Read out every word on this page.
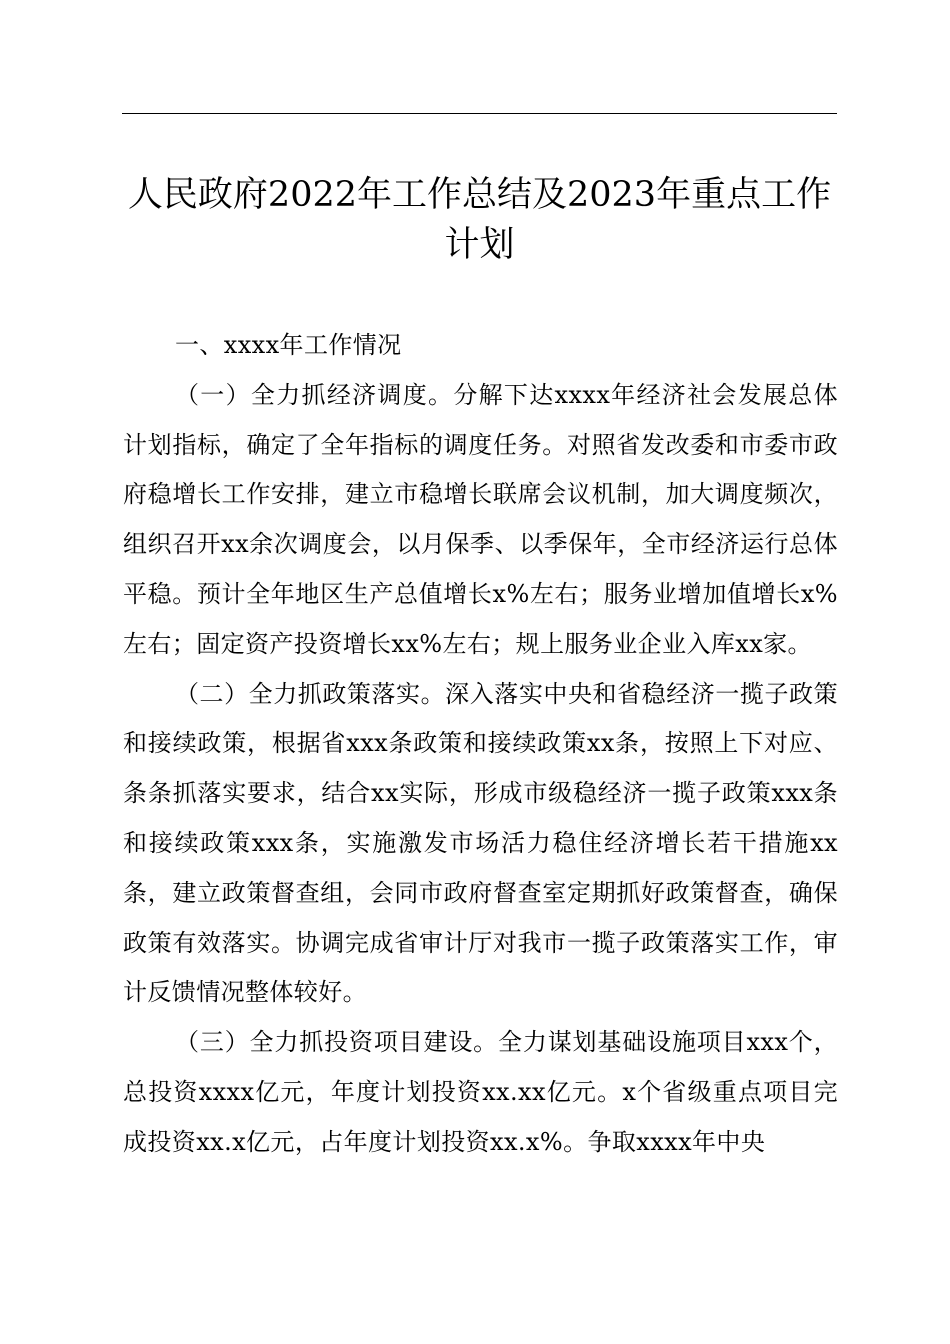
人民政府2022年工作总结及2023年重点工作计划

一、xxxx年工作情况

（一）全力抓经济调度。分解下达xxxx年经济社会发展总体计划指标，确定了全年指标的调度任务。对照省发改委和市委市政府稳增长工作安排，建立市稳增长联席会议机制，加大调度频次，组织召开xx余次调度会，以月保季、以季保年，全市经济运行总体平稳。预计全年地区生产总值增长x%左右；服务业增加值增长x%左右；固定资产投资增长xx%左右；规上服务业企业入库xx家。

（二）全力抓政策落实。深入落实中央和省稳经济一揽子政策和接续政策，根据省xxx条政策和接续政策xx条，按照上下对应、条条抓落实要求，结合xx实际，形成市级稳经济一揽子政策xxx条和接续政策xxx条，实施激发市场活力稳住经济增长若干措施xx条，建立政策督查组，会同市政府督查室定期抓好政策督查，确保政策有效落实。协调完成省审计厅对我市一揽子政策落实工作，审计反馈情况整体较好。

（三）全力抓投资项目建设。全力谋划基础设施项目xxx个，总投资xxxx亿元，年度计划投资xx.xx亿元。x个省级重点项目完成投资xx.x亿元，占年度计划投资xx.x%。争取xxxx年中央
